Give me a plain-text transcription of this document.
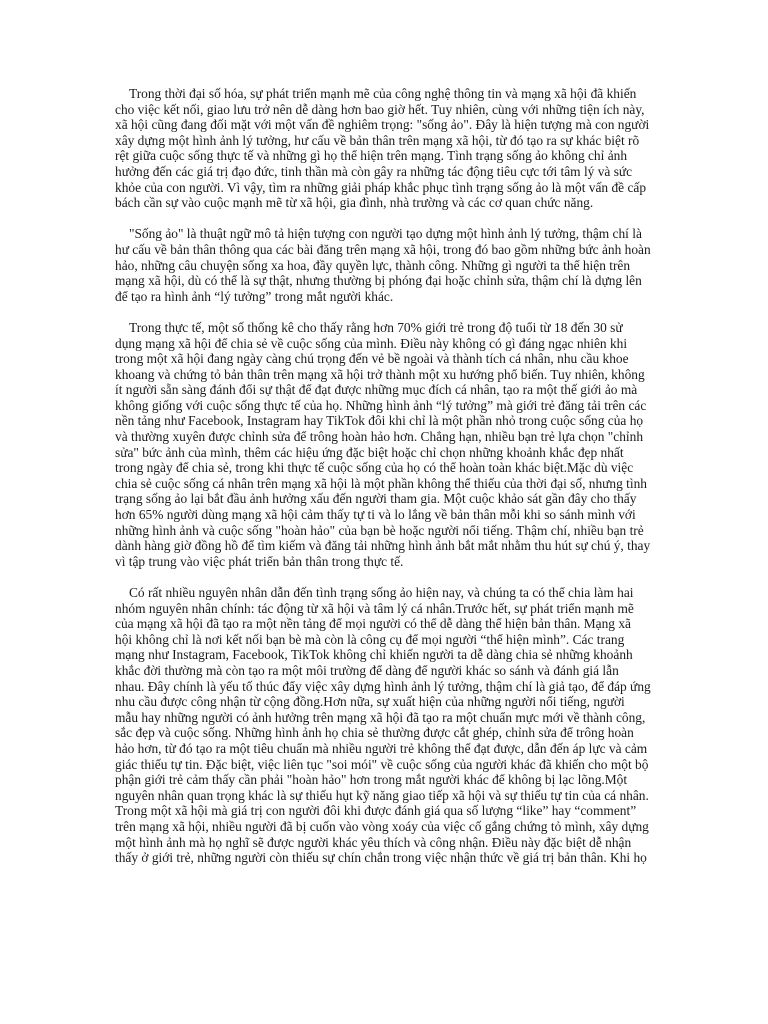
Trong thời đại số hóa, sự phát triển mạnh mẽ của công nghệ thông tin và mạng xã hội đã khiến cho việc kết nối, giao lưu trở nên dễ dàng hơn bao giờ hết. Tuy nhiên, cùng với những tiện ích này, xã hội cũng đang đối mặt với một vấn đề nghiêm trọng: "sống ảo". Đây là hiện tượng mà con người xây dựng một hình ảnh lý tưởng, hư cấu về bản thân trên mạng xã hội, từ đó tạo ra sự khác biệt rõ rệt giữa cuộc sống thực tế và những gì họ thể hiện trên mạng. Tình trạng sống ảo không chỉ ảnh hưởng đến các giá trị đạo đức, tinh thần mà còn gây ra những tác động tiêu cực tới tâm lý và sức khỏe của con người. Vì vậy, tìm ra những giải pháp khắc phục tình trạng sống ảo là một vấn đề cấp bách cần sự vào cuộc mạnh mẽ từ xã hội, gia đình, nhà trường và các cơ quan chức năng.

"Sống ảo" là thuật ngữ mô tả hiện tượng con người tạo dựng một hình ảnh lý tưởng, thậm chí là hư cấu về bản thân thông qua các bài đăng trên mạng xã hội, trong đó bao gồm những bức ảnh hoàn hảo, những câu chuyện sống xa hoa, đầy quyền lực, thành công. Những gì người ta thể hiện trên mạng xã hội, dù có thể là sự thật, nhưng thường bị phóng đại hoặc chỉnh sửa, thậm chí là dựng lên để tạo ra hình ảnh “lý tưởng” trong mắt người khác.

Trong thực tế, một số thống kê cho thấy rằng hơn 70% giới trẻ trong độ tuổi từ 18 đến 30 sử dụng mạng xã hội để chia sẻ về cuộc sống của mình. Điều này không có gì đáng ngạc nhiên khi trong một xã hội đang ngày càng chú trọng đến vẻ bề ngoài và thành tích cá nhân, nhu cầu khoe khoang và chứng tỏ bản thân trên mạng xã hội trở thành một xu hướng phổ biến. Tuy nhiên, không ít người sẵn sàng đánh đổi sự thật để đạt được những mục đích cá nhân, tạo ra một thế giới ảo mà không giống với cuộc sống thực tế của họ. Những hình ảnh “lý tưởng” mà giới trẻ đăng tải trên các nền tảng như Facebook, Instagram hay TikTok đôi khi chỉ là một phần nhỏ trong cuộc sống của họ và thường xuyên được chỉnh sửa để trông hoàn hảo hơn. Chẳng hạn, nhiều bạn trẻ lựa chọn "chỉnh sửa" bức ảnh của mình, thêm các hiệu ứng đặc biệt hoặc chỉ chọn những khoảnh khắc đẹp nhất trong ngày để chia sẻ, trong khi thực tế cuộc sống của họ có thể hoàn toàn khác biệt.Mặc dù việc chia sẻ cuộc sống cá nhân trên mạng xã hội là một phần không thể thiếu của thời đại số, nhưng tình trạng sống ảo lại bắt đầu ảnh hưởng xấu đến người tham gia. Một cuộc khảo sát gần đây cho thấy hơn 65% người dùng mạng xã hội cảm thấy tự ti và lo lắng về bản thân mỗi khi so sánh mình với những hình ảnh và cuộc sống "hoàn hảo" của bạn bè hoặc người nổi tiếng. Thậm chí, nhiều bạn trẻ dành hàng giờ đồng hồ để tìm kiếm và đăng tải những hình ảnh bắt mắt nhằm thu hút sự chú ý, thay vì tập trung vào việc phát triển bản thân trong thực tế.

Có rất nhiều nguyên nhân dẫn đến tình trạng sống ảo hiện nay, và chúng ta có thể chia làm hai nhóm nguyên nhân chính: tác động từ xã hội và tâm lý cá nhân.Trước hết, sự phát triển mạnh mẽ của mạng xã hội đã tạo ra một nền tảng để mọi người có thể dễ dàng thể hiện bản thân. Mạng xã hội không chỉ là nơi kết nối bạn bè mà còn là công cụ để mọi người “thể hiện mình”. Các trang mạng như Instagram, Facebook, TikTok không chỉ khiến người ta dễ dàng chia sẻ những khoảnh khắc đời thường mà còn tạo ra một môi trường để dàng để người khác so sánh và đánh giá lẫn nhau. Đây chính là yếu tố thúc đẩy việc xây dựng hình ảnh lý tưởng, thậm chí là giả tạo, để đáp ứng nhu cầu được công nhận từ cộng đồng.Hơn nữa, sự xuất hiện của những người nổi tiếng, người mẫu hay những người có ảnh hưởng trên mạng xã hội đã tạo ra một chuẩn mực mới về thành công, sắc đẹp và cuộc sống. Những hình ảnh họ chia sẻ thường được cắt ghép, chỉnh sửa để trông hoàn hảo hơn, từ đó tạo ra một tiêu chuẩn mà nhiều người trẻ không thể đạt được, dẫn đến áp lực và cảm giác thiếu tự tin. Đặc biệt, việc liên tục "soi mói" về cuộc sống của người khác đã khiến cho một bộ phận giới trẻ cảm thấy cần phải "hoàn hảo" hơn trong mắt người khác để không bị lạc lõng.Một nguyên nhân quan trọng khác là sự thiếu hụt kỹ năng giao tiếp xã hội và sự thiếu tự tin của cá nhân. Trong một xã hội mà giá trị con người đôi khi được đánh giá qua số lượng “like” hay “comment” trên mạng xã hội, nhiều người đã bị cuốn vào vòng xoáy của việc cố gắng chứng tỏ mình, xây dựng một hình ảnh mà họ nghĩ sẽ được người khác yêu thích và công nhận. Điều này đặc biệt dễ nhận thấy ở giới trẻ, những người còn thiếu sự chín chắn trong việc nhận thức về giá trị bản thân. Khi họ
